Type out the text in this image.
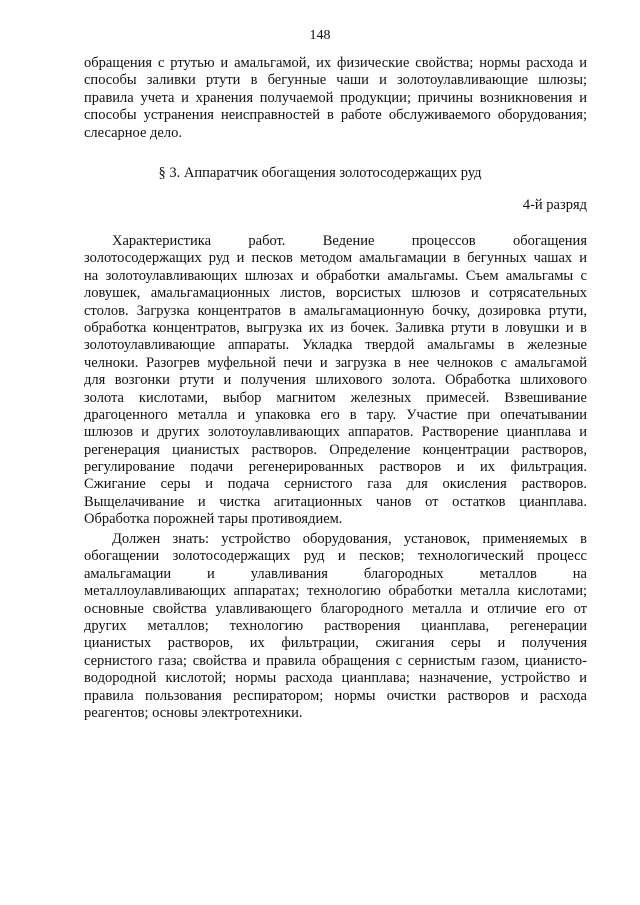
148
обращения с ртутью и амальгамой, их физические свойства; нормы расхода и
способы заливки ртути в бегунные чаши и золотоулавливающие шлюзы;
правила учета и хранения получаемой продукции; причины возникновения и
способы устранения неисправностей в работе обслуживаемого оборудования;
слесарное дело.
§ 3. Аппаратчик обогащения золотосодержащих руд
4-й разряд
Характеристика работ. Ведение процессов обогащения
золотосодержащих руд и песков методом амальгамации в бегунных чашах и
на золотоулавливающих шлюзах и обработки амальгамы. Съем амальгамы с
ловушек, амальгамационных листов, ворсистых шлюзов и сотрясательных
столов. Загрузка концентратов в амальгамационную бочку, дозировка ртути,
обработка концентратов, выгрузка их из бочек. Заливка ртути в ловушки и в
золотоулавливающие аппараты. Укладка твердой амальгамы в железные
челноки. Разогрев муфельной печи и загрузка в нее челноков с амальгамой
для возгонки ртути и получения шлихового золота. Обработка шлихового
золота кислотами, выбор магнитом железных примесей. Взвешивание
драгоценного металла и упаковка его в тару. Участие при опечатывании
шлюзов и других золотоулавливающих аппаратов. Растворение цианплава и
регенерация цианистых растворов. Определение концентрации растворов,
регулирование подачи регенерированных растворов и их фильтрация.
Сжигание серы и подача сернистого газа для окисления растворов.
Выщелачивание и чистка агитационных чанов от остатков цианплава.
Обработка порожней тары противоядием.
Должен знать: устройство оборудования, установок, применяемых в
обогащении золотосодержащих руд и песков; технологический процесс
амальгамации и улавливания благородных металлов на
металлоулавливающих аппаратах; технологию обработки металла кислотами;
основные свойства улавливающего благородного металла и отличие его от
других металлов; технологию растворения цианплава, регенерации
цианистых растворов, их фильтрации, сжигания серы и получения
сернистого газа; свойства и правила обращения с сернистым газом, цианисто-
водородной кислотой; нормы расхода цианплава; назначение, устройство и
правила пользования респиратором; нормы очистки растворов и расхода
реагентов; основы электротехники.
